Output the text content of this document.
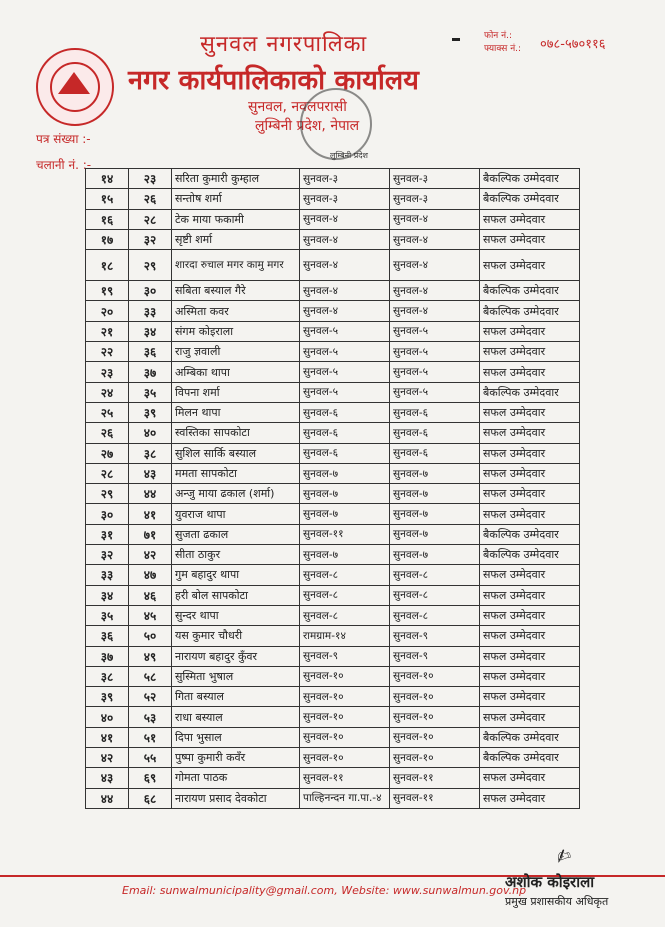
सुनवल नगरपालिका
नगर कार्यपालिकाको कार्यालय
सुनवल, नवलपरासी
लुम्बिनी प्रदेश, नेपाल
फोन नं.:
फ्याक्स नं.: ०७८-५७०११६
लुम्बिनी प्रदेश
पत्र संख्या :-
चलानी नं. :-
१४	२३	सरिता कुमारी कुम्हाल	सुनवल-३	सुनवल-३	बैकल्पिक उम्मेदवार
१५	२६	सन्तोष शर्मा	सुनवल-३	सुनवल-३	बैकल्पिक उम्मेदवार
१६	२८	टेक माया फकामी	सुनवल-४	सुनवल-४	सफल उम्मेदवार
१७	३२	सृष्टी शर्मा	सुनवल-४	सुनवल-४	सफल उम्मेदवार
१८	२९	शारदा रुचाल मगर कामु मगर	सुनवल-४	सुनवल-४	सफल उम्मेदवार
१९	३०	सबिता बस्याल गैरे	सुनवल-४	सुनवल-४	बैकल्पिक उम्मेदवार
२०	३३	अस्मिता कवर	सुनवल-४	सुनवल-४	बैकल्पिक उम्मेदवार
२१	३४	संगम कोइराला	सुनवल-५	सुनवल-५	सफल उम्मेदवार
२२	३६	राजु ज्ञवाली	सुनवल-५	सुनवल-५	सफल उम्मेदवार
२३	३७	अम्बिका थापा	सुनवल-५	सुनवल-५	सफल उम्मेदवार
२४	३५	विपना शर्मा	सुनवल-५	सुनवल-५	बैकल्पिक उम्मेदवार
२५	३९	मिलन थापा	सुनवल-६	सुनवल-६	सफल उम्मेदवार
२६	४०	स्वस्तिका सापकोटा	सुनवल-६	सुनवल-६	सफल उम्मेदवार
२७	३८	सुशिल सार्कि बस्याल	सुनवल-६	सुनवल-६	सफल उम्मेदवार
२८	४३	ममता सापकोटा	सुनवल-७	सुनवल-७	सफल उम्मेदवार
२९	४४	अन्जु माया ढकाल (शर्मा)	सुनवल-७	सुनवल-७	सफल उम्मेदवार
३०	४१	युवराज थापा	सुनवल-७	सुनवल-७	सफल उम्मेदवार
३१	७१	सुजता ढकाल	सुनवल-११	सुनवल-७	बैकल्पिक उम्मेदवार
३२	४२	सीता ठाकुर	सुनवल-७	सुनवल-७	बैकल्पिक उम्मेदवार
३३	४७	गुम बहादुर थापा	सुनवल-८	सुनवल-८	सफल उम्मेदवार
३४	४६	हरी बोल सापकोटा	सुनवल-८	सुनवल-८	सफल उम्मेदवार
३५	४५	सुन्दर थापा	सुनवल-८	सुनवल-८	सफल उम्मेदवार
३६	५०	यस कुमार चौधरी	रामग्राम-१४	सुनवल-९	सफल उम्मेदवार
३७	४९	नारायण बहादुर कुँवर	सुनवल-९	सुनवल-९	सफल उम्मेदवार
३८	५८	सुस्मिता भुषाल	सुनवल-१०	सुनवल-१०	सफल उम्मेदवार
३९	५२	गिता बस्याल	सुनवल-१०	सुनवल-१०	सफल उम्मेदवार
४०	५३	राधा बस्याल	सुनवल-१०	सुनवल-१०	सफल उम्मेदवार
४१	५१	दिपा भुसाल	सुनवल-१०	सुनवल-१०	बैकल्पिक उम्मेदवार
४२	५५	पुष्पा कुमारी कवँर	सुनवल-१०	सुनवल-१०	बैकल्पिक उम्मेदवार
४३	६९	गोमता पाठक	सुनवल-११	सुनवल-११	सफल उम्मेदवार
४४	६८	नारायण प्रसाद देवकोटा	पाल्हिनन्दन गा.पा.-४	सुनवल-११	सफल उम्मेदवार
Email: sunwalmunicipality@gmail.com, Website: www.sunwalmun.gov.np
✍
अशोक कोइराला
प्रमुख प्रशासकीय अधिकृत
